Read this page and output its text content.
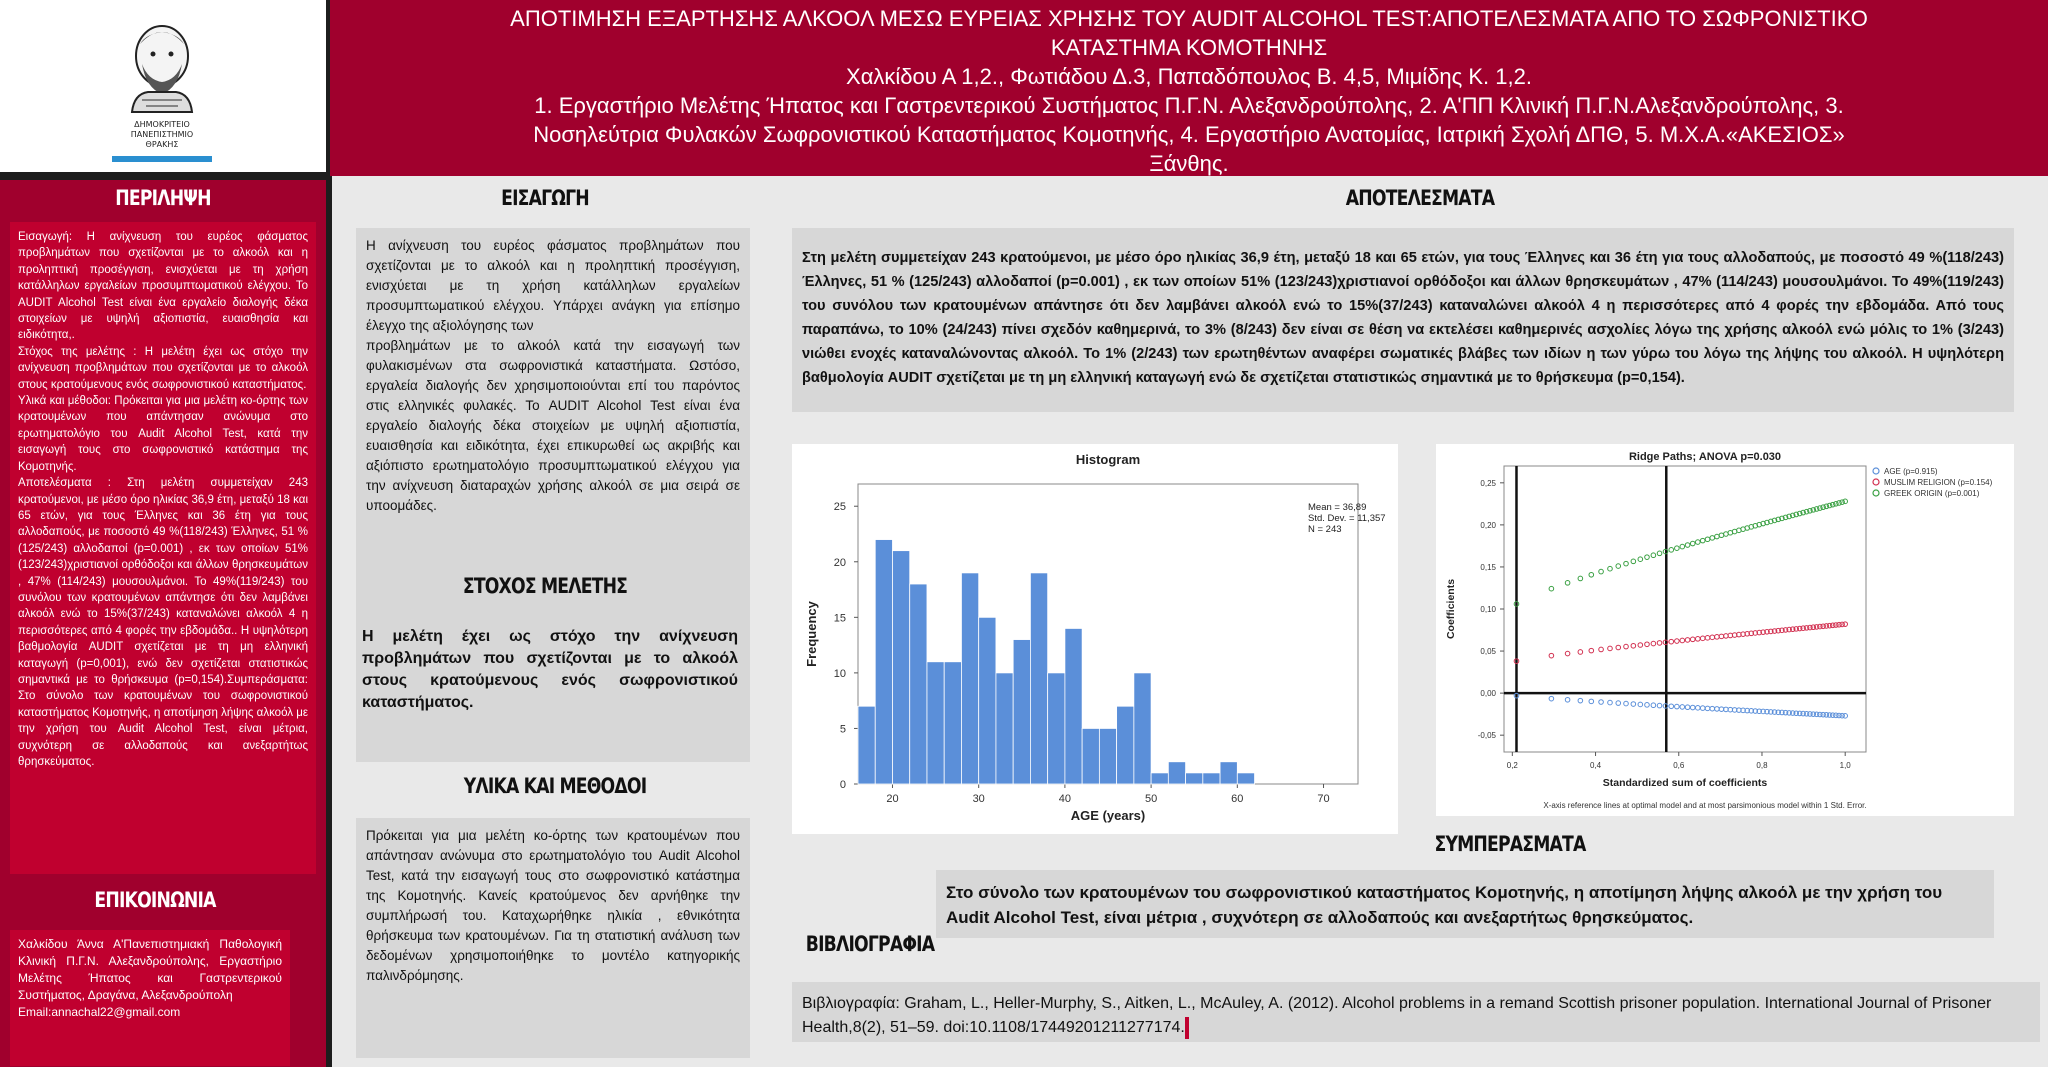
ΔΗΜΟΚΡΙΤΕΙΟ
ΠΑΝΕΠΙΣΤΗΜΙΟ
ΘΡΑΚΗΣ
ΑΠΟΤΙΜΗΣΗ ΕΞΑΡΤΗΣΗΣ ΑΛΚΟΟΛ ΜΕΣΩ ΕΥΡΕΙΑΣ ΧΡΗΣΗΣ ΤΟΥ AUDIT ALCOHOL TEST:ΑΠΟΤΕΛΕΣΜΑΤΑ ΑΠΟ ΤΟ ΣΩΦΡΟΝΙΣΤΙΚΟ ΚΑΤΑΣΤΗΜΑ ΚΟΜΟΤΗΝΗΣ
Χαλκίδου Α 1,2., Φωτιάδου Δ.3, Παπαδόπουλος Β. 4,5, Μιμίδης Κ. 1,2.
1. Εργαστήριο Μελέτης Ήπατος και Γαστρεντερικού Συστήματος Π.Γ.Ν. Αλεξανδρούπολης, 2. Α'ΠΠ Κλινική Π.Γ.Ν.Αλεξανδρούπολης, 3. Νοσηλεύτρια Φυλακών Σωφρονιστικού Καταστήματος Κομοτηνής, 4. Εργαστήριο Ανατομίας, Ιατρική Σχολή ΔΠΘ, 5. Μ.Χ.Α.«ΑΚΕΣΙΟΣ» Ξάνθης.
ΠΕΡΙΛΗΨΗ

Εισαγωγή: Η ανίχνευση του ευρέος φάσματος προβλημάτων που σχετίζονται με το αλκοόλ και η προληπτική προσέγγιση, ενισχύεται με τη χρήση κατάλληλων εργαλείων προσυμπτωματικού ελέγχου. Το AUDIT Alcohol Test είναι ένα εργαλείο διαλογής δέκα στοιχείων με υψηλή αξιοπιστία, ευαισθησία και ειδικότητα,.

Στόχος της μελέτης : Η μελέτη έχει ως στόχο την ανίχνευση προβλημάτων που σχετίζονται με το αλκοόλ στους κρατούμενους ενός σωφρονιστικού καταστήματος.

Υλικά και μέθοδοι: Πρόκειται για μια μελέτη κο-όρτης των κρατουμένων που απάντησαν ανώνυμα στο ερωτηματολόγιο του Audit Alcohol Test, κατά την εισαγωγή τους στο σωφρονιστικό κατάστημα της Κομοτηνής.

Αποτελέσματα : Στη μελέτη συμμετείχαν 243 κρατούμενοι, με μέσο όρο ηλικίας 36,9 έτη, μεταξύ 18 και 65 ετών, για τους Έλληνες και 36 έτη για τους αλλοδαπούς, με ποσοστό 49 %(118/243) Έλληνες, 51 % (125/243) αλλοδαποί (p=0.001) , εκ των οποίων 51% (123/243)χριστιανοί ορθόδοξοι και άλλων θρησκευμάτων , 47% (114/243) μουσουλμάνοι. Το 49%(119/243) του συνόλου των κρατουμένων απάντησε ότι δεν λαμβάνει αλκοόλ ενώ το 15%(37/243) καταναλώνει αλκοόλ 4 η περισσότερες από 4 φορές την εβδομάδα.. Η υψηλότερη βαθμολογία AUDIT σχετίζεται με τη μη ελληνική καταγωγή (p=0,001), ενώ δεν σχετίζεται στατιστικώς σημαντικά με το θρήσκευμα (p=0,154).Συμπεράσματα: Στο σύνολο των κρατουμένων του σωφρονιστικού καταστήματος Κομοτηνής, η αποτίμηση λήψης αλκοόλ με την χρήση του Audit Alcohol Test, είναι μέτρια, συχνότερη σε αλλοδαπούς και ανεξαρτήτως θρησκεύματος.

ΕΠΙΚΟΙΝΩΝΙΑ

Χαλκίδου Άννα Α'Πανεπιστημιακή Παθολογική Κλινική Π.Γ.Ν. Αλεξανδρούπολης, Εργαστήριο Μελέτης Ήπατος και Γαστρεντερικού Συστήματος, Δραγάνα, Αλεξανδρούπολη
Email:annachal22@gmail.com

ΕΙΣΑΓΩΓΗ

Η ανίχνευση του ευρέος φάσματος προβλημάτων που σχετίζονται με το αλκοόλ και η προληπτική προσέγγιση, ενισχύεται με τη χρήση κατάλληλων εργαλείων προσυμπτωματικού ελέγχου. Υπάρχει ανάγκη για επίσημο έλεγχο της αξιολόγησης των

προβλημάτων με το αλκοόλ κατά την εισαγωγή των φυλακισμένων στα σωφρονιστικά καταστήματα. Ωστόσο, εργαλεία διαλογής δεν χρησιμοποιούνται επί του παρόντος στις ελληνικές φυλακές. Το AUDIT Alcohol Test είναι ένα εργαλείο διαλογής δέκα στοιχείων με υψηλή αξιοπιστία, ευαισθησία και ειδικότητα, έχει επικυρωθεί ως ακριβής και αξιόπιστο ερωτηματολόγιο προσυμπτωματικού ελέγχου για την ανίχνευση διαταραχών χρήσης αλκοόλ σε μια σειρά σε υποομάδες.

ΣΤΟΧΟΣ ΜΕΛΕΤΗΣ
Η μελέτη έχει ως στόχο την ανίχνευση προβλημάτων που σχετίζονται με το αλκοόλ στους κρατούμενους ενός σωφρονιστικού καταστήματος.
ΥΛΙΚΑ ΚΑΙ ΜΕΘΟΔΟΙ

Πρόκειται για μια μελέτη κο-όρτης των κρατουμένων που απάντησαν ανώνυμα στο ερωτηματολόγιο του Audit Alcohol Test, κατά την εισαγωγή τους στο σωφρονιστικό κατάστημα της Κομοτηνής. Κανείς κρατούμενος δεν αρνήθηκε την συμπλήρωσή του. Καταχωρήθηκε ηλικία , εθνικότητα θρήσκευμα των κρατουμένων. Για τη στατιστική ανάλυση των δεδομένων χρησιμοποιήθηκε το μοντέλο κατηγορικής παλινδρόμησης.

ΑΠΟΤΕΛΕΣΜΑΤΑ

Στη μελέτη συμμετείχαν 243 κρατούμενοι, με μέσο όρο ηλικίας 36,9 έτη, μεταξύ 18 και 65 ετών, για τους Έλληνες και 36 έτη για τους αλλοδαπούς, με ποσοστό 49 %(118/243) Έλληνες, 51 % (125/243) αλλοδαποί (p=0.001) , εκ των οποίων 51% (123/243)χριστιανοί ορθόδοξοι και άλλων θρησκευμάτων , 47% (114/243) μουσουλμάνοι. Το 49%(119/243) του συνόλου των κρατουμένων απάντησε ότι δεν λαμβάνει αλκοόλ ενώ το 15%(37/243) καταναλώνει αλκοόλ 4 η περισσότερες από 4 φορές την εβδομάδα. Από τους παραπάνω, το 10% (24/243) πίνει σχεδόν καθημερινά, το 3% (8/243) δεν είναι σε θέση να εκτελέσει καθημερινές ασχολίες λόγω της χρήσης αλκοόλ ενώ μόλις το 1% (3/243) νιώθει ενοχές καταναλώνοντας αλκοόλ. Το 1% (2/243) των ερωτηθέντων αναφέρει σωματικές βλάβες των ιδίων η των γύρω του λόγω της λήψης του αλκοόλ. Η υψηλότερη βαθμολογία AUDIT σχετίζεται με τη μη ελληνική καταγωγή ενώ δε σχετίζεται στατιστικώς σημαντικά με το θρήσκευμα (p=0,154).

0
5
10
15
20
25
20	30	40	50	60	70
Histogram
AGE (years)
Frequency
Mean = 36,89
Std. Dev. = 11,357
N = 243
-0,05
0,00
0,05
0,10
0,15
0,20
0,25
0,2	0,4	0,6	0,8	1,0
Ridge Paths; ANOVA p=0.030
Standardized sum of coefficients
Coefficients
X-axis reference lines at optimal model and at most parsimonious model within 1 Std. Error.
AGE (p=0.915)
MUSLIM RELIGION (p=0.154)
GREEK ORIGIN (p=0.001)
ΣΥΜΠΕΡΑΣΜΑΤΑ

Στο σύνολο των κρατουμένων του σωφρονιστικού καταστήματος Κομοτηνής, η αποτίμηση λήψης αλκοόλ με την χρήση του Audit Alcohol Test, είναι μέτρια , συχνότερη σε αλλοδαπούς και ανεξαρτήτως θρησκεύματος.

ΒΙΒΛΙΟΓΡΑΦΙΑ

Βιβλιογραφία: Graham, L., Heller-Murphy, S., Aitken, L., McAuley, A. (2012). Alcohol problems in a remand Scottish prisoner population. International Journal of Prisoner Health,8(2), 51–59. doi:10.1108/17449201211277174.
